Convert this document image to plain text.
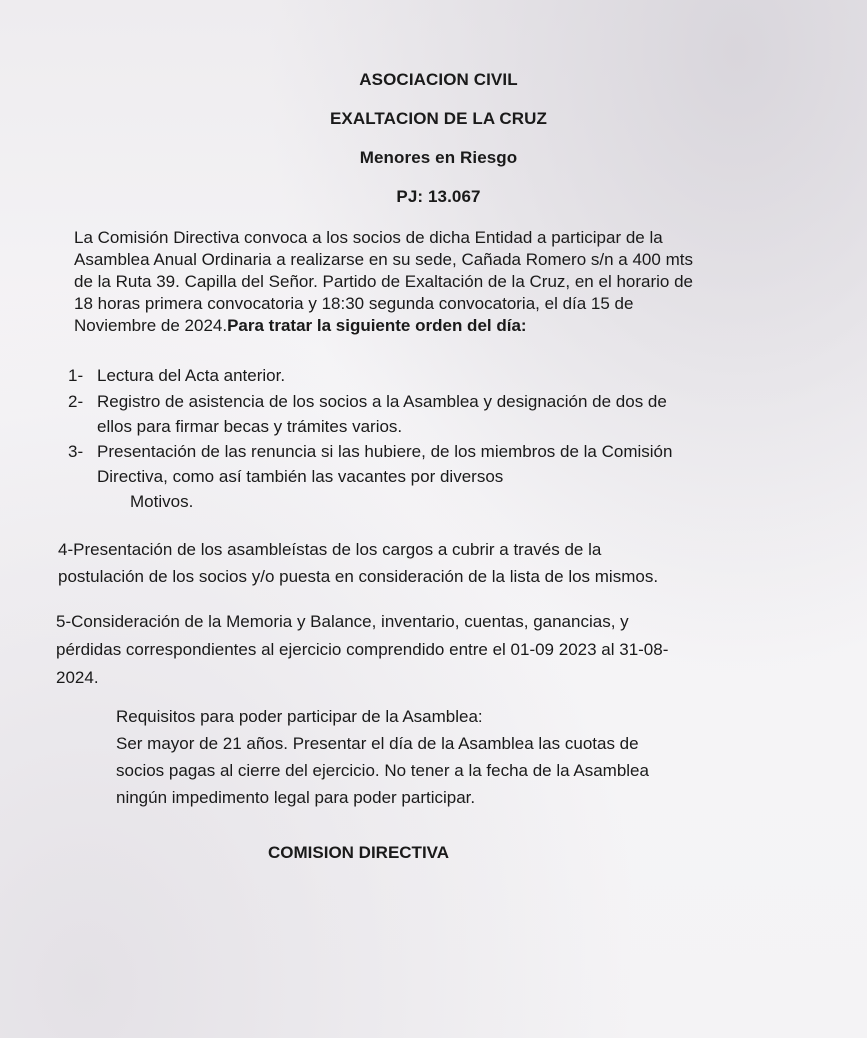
ASOCIACION CIVIL
EXALTACION DE LA CRUZ
Menores en Riesgo
PJ: 13.067
La Comisión Directiva convoca a los socios de dicha Entidad a participar de la
Asamblea Anual Ordinaria a realizarse en su sede, Cañada Romero s/n a 400 mts
de la Ruta 39. Capilla del Señor. Partido de Exaltación de la Cruz, en el horario de
18 horas primera convocatoria y 18:30 segunda convocatoria, el día 15 de
Noviembre de 2024.Para tratar la siguiente orden del día:
1- Lectura del Acta anterior.
2- Registro de asistencia de los socios a la Asamblea y designación de dos de
ellos para firmar becas y trámites varios.
3- Presentación de las renuncia si las hubiere, de los miembros de la Comisión
Directiva, como así también las vacantes por diversos
Motivos.
4-Presentación de los asambleístas de los cargos a cubrir a través de la
postulación de los socios y/o puesta en consideración de la lista de los mismos.
5-Consideración de la Memoria y Balance, inventario, cuentas, ganancias, y
pérdidas correspondientes al ejercicio comprendido entre el 01-09 2023 al 31-08-
2024.
Requisitos para poder participar de la Asamblea:
Ser mayor de 21 años. Presentar el día de la Asamblea las cuotas de
socios pagas al cierre del ejercicio. No tener a la fecha de la Asamblea
ningún impedimento legal para poder participar.
COMISION DIRECTIVA
